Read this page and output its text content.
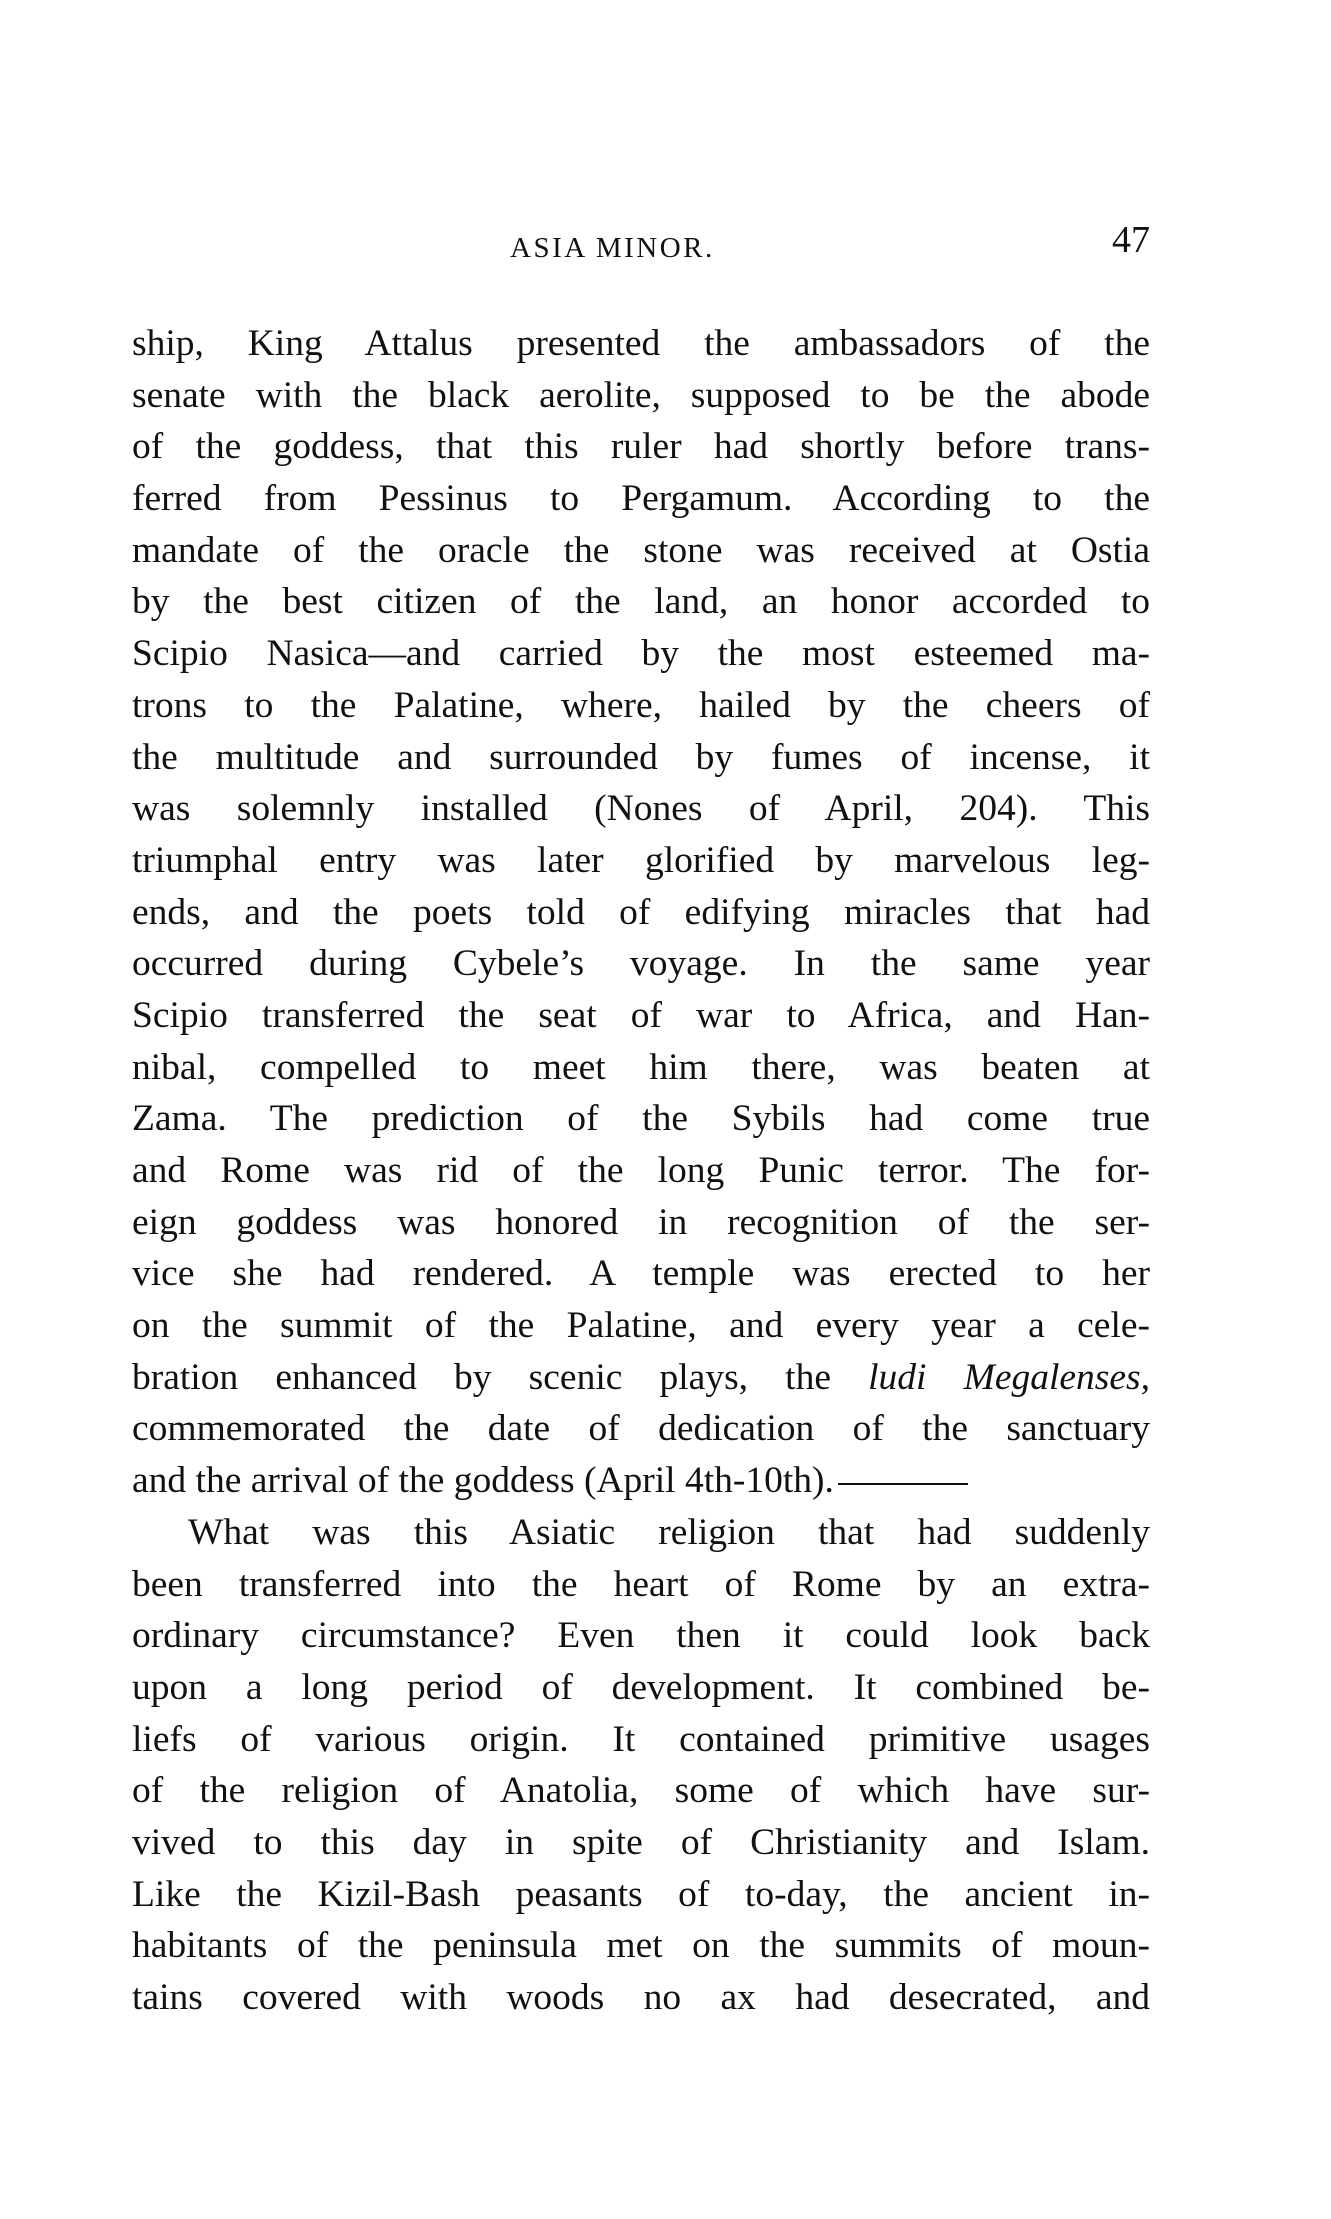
ASIA MINOR.	47
ship, King Attalus presented the ambassadors of the
senate with the black aerolite, supposed to be the abode
of the goddess, that this ruler had shortly before trans-
ferred from Pessinus to Pergamum. According to the
mandate of the oracle the stone was received at Ostia
by the best citizen of the land, an honor accorded to
Scipio Nasica—and carried by the most esteemed ma-
trons to the Palatine, where, hailed by the cheers of
the multitude and surrounded by fumes of incense, it
was solemnly installed (Nones of April, 204). This
triumphal entry was later glorified by marvelous leg-
ends, and the poets told of edifying miracles that had
occurred during Cybele’s voyage. In the same year
Scipio transferred the seat of war to Africa, and Han-
nibal, compelled to meet him there, was beaten at
Zama. The prediction of the Sybils had come true
and Rome was rid of the long Punic terror. The for-
eign goddess was honored in recognition of the ser-
vice she had rendered. A temple was erected to her
on the summit of the Palatine, and every year a cele-
bration enhanced by scenic plays, the ludi Megalenses,
commemorated the date of dedication of the sanctuary
and the arrival of the goddess (April 4th-10th).
What was this Asiatic religion that had suddenly
been transferred into the heart of Rome by an extra-
ordinary circumstance? Even then it could look back
upon a long period of development. It combined be-
liefs of various origin. It contained primitive usages
of the religion of Anatolia, some of which have sur-
vived to this day in spite of Christianity and Islam.
Like the Kizil-Bash peasants of to-day, the ancient in-
habitants of the peninsula met on the summits of moun-
tains covered with woods no ax had desecrated, and
